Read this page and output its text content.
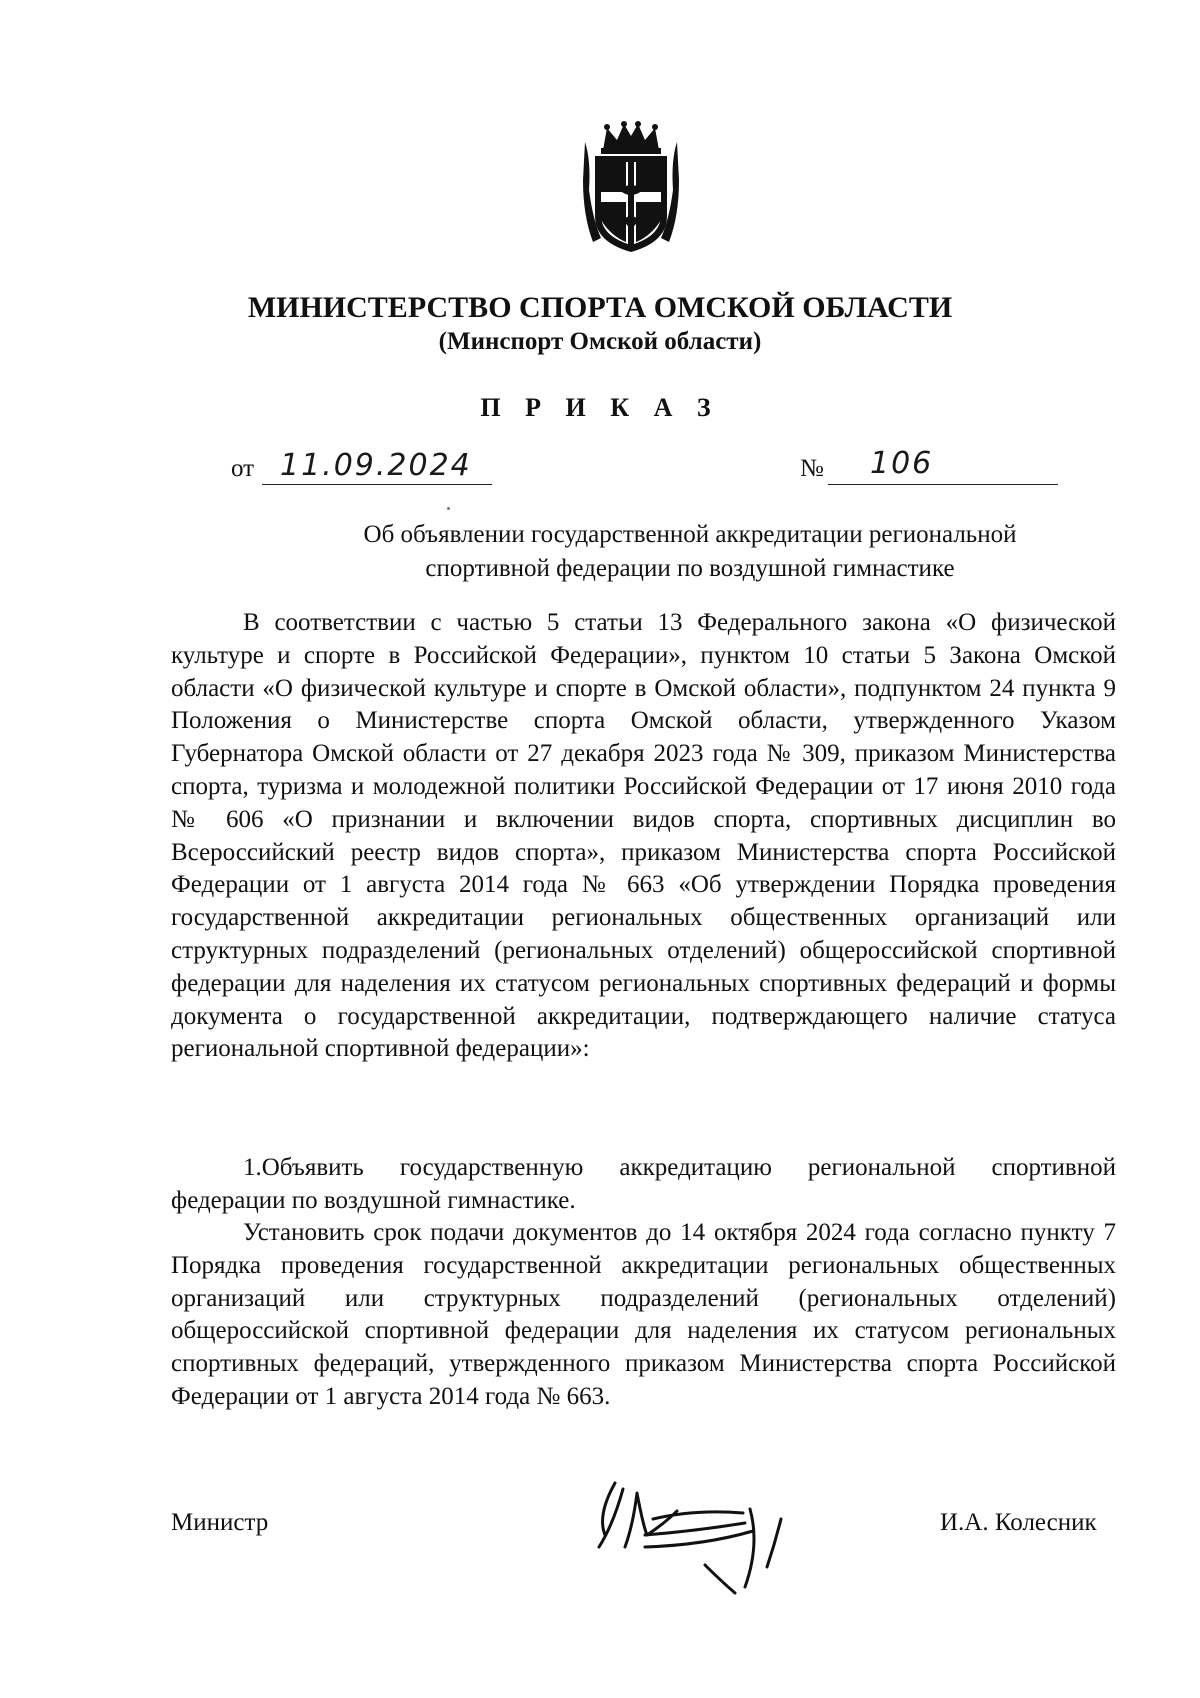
МИНИСТЕРСТВО СПОРТА ОМСКОЙ ОБЛАСТИ
(Минспорт Омской области)
П Р И К А З
от 11.09.2024	№ 106
Об объявлении государственной аккредитации региональной
спортивной федерации по воздушной гимнастике
В соответствии с частью 5 статьи 13 Федерального закона «О физической культуре и спорте в Российской Федерации», пунктом 10 статьи 5 Закона Омской области «О физической культуре и спорте в Омской области», подпунктом 24 пункта 9 Положения о Министерстве спорта Омской области, утвержденного Указом Губернатора Омской области от 27 декабря 2023 года № 309, приказом Министерства спорта, туризма и молодежной политики Российской Федерации от 17 июня 2010 года № 606 «О признании и включении видов спорта, спортивных дисциплин во Всероссийский реестр видов спорта», приказом Министерства спорта Российской Федерации от 1 августа 2014 года № 663 «Об утверждении Порядка проведения государственной аккредитации региональных общественных организаций или структурных подразделений (региональных отделений) общероссийской спортивной федерации для наделения их статусом региональных спортивных федераций и формы документа о государственной аккредитации, подтверждающего наличие статуса региональной спортивной федерации»:
1.Объявить государственную аккредитацию региональной спортивной федерации по воздушной гимнастике.
Установить срок подачи документов до 14 октября 2024 года согласно пункту 7 Порядка проведения государственной аккредитации региональных общественных организаций или структурных подразделений (региональных отделений) общероссийской спортивной федерации для наделения их статусом региональных спортивных федераций, утвержденного приказом Министерства спорта Российской Федерации от 1 августа 2014 года № 663.
Министр	И.А. Колесник
